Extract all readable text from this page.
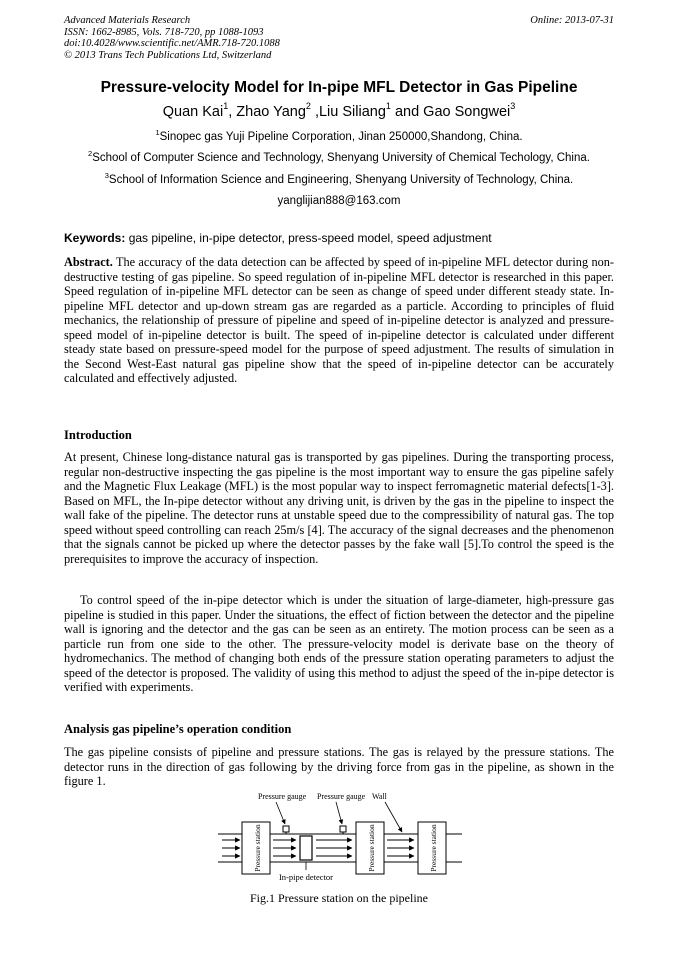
Advanced Materials Research
ISSN: 1662-8985, Vols. 718-720, pp 1088-1093
doi:10.4028/www.scientific.net/AMR.718-720.1088
© 2013 Trans Tech Publications Ltd, Switzerland
Online: 2013-07-31
Pressure-velocity Model for In-pipe MFL Detector in Gas Pipeline
Quan Kai$^1$, Zhao Yang$^2$ ,Liu Siliang$^1$ and Gao Songwei$^3$
$^1$Sinopec gas Yuji Pipeline Corporation, Jinan 250000,Shandong, China.
$^2$School of Computer Science and Technology, Shenyang University of Chemical Techology, China.
$^3$School of Information Science and Engineering, Shenyang University of Technology, China.
yanglijian888@163.com
Keywords: gas pipeline, in-pipe detector, press-speed model, speed adjustment

Abstract. The accuracy of the data detection can be affected by speed of in-pipeline MFL detector during non-destructive testing of gas pipeline. So speed regulation of in-pipeline MFL detector is researched in this paper. Speed regulation of in-pipeline MFL detector can be seen as change of speed under different steady state. In-pipeline MFL detector and up-down stream gas are regarded as a particle. According to principles of fluid mechanics, the relationship of pressure of pipeline and speed of in-pipeline detector is analyzed and pressure-speed model of in-pipeline detector is built. The speed of in-pipeline detector is calculated under different steady state based on pressure-speed model for the purpose of speed adjustment. The results of simulation in the Second West-East natural gas pipeline show that the speed of in-pipeline detector can be accurately calculated and effectively adjusted.

Introduction

At present, Chinese long-distance natural gas is transported by gas pipelines. During the transporting process, regular non-destructive inspecting the gas pipeline is the most important way to ensure the gas pipeline safely and the Magnetic Flux Leakage (MFL) is the most popular way to inspect ferromagnetic material defects[1-3]. Based on MFL, the In-pipe detector without any driving unit, is driven by the gas in the pipeline to inspect the wall fake of the pipeline. The detector runs at unstable speed due to the compressibility of natural gas. The top speed without speed controlling can reach 25m/s [4]. The accuracy of the signal decreases and the phenomenon that the signals cannot be picked up where the detector passes by the fake wall [5].To control the speed is the prerequisites to improve the accuracy of inspection.

To control speed of the in-pipe detector which is under the situation of large-diameter, high-pressure gas pipeline is studied in this paper. Under the situations, the effect of fiction between the detector and the pipeline wall is ignoring and the detector and the gas can be seen as an entirety. The motion process can be seen as a particle run from one side to the other. The pressure-velocity model is derivate base on the theory of hydromechanics. The method of changing both ends of the pressure station operating parameters to adjust the speed of the detector is proposed. The validity of using this method to adjust the speed of the in-pipe detector is verified with experiments.

Analysis gas pipeline’s operation condition

The gas pipeline consists of pipeline and pressure stations. The gas is relayed by the pressure stations. The detector runs in the direction of gas following by the driving force from gas in the pipeline, as shown in the figure 1.

Pressure station	Pressure station	Pressure station
Pressure gauge Pressure gauge Wall
In-pipe detector
Fig.1 Pressure station on the pipeline
